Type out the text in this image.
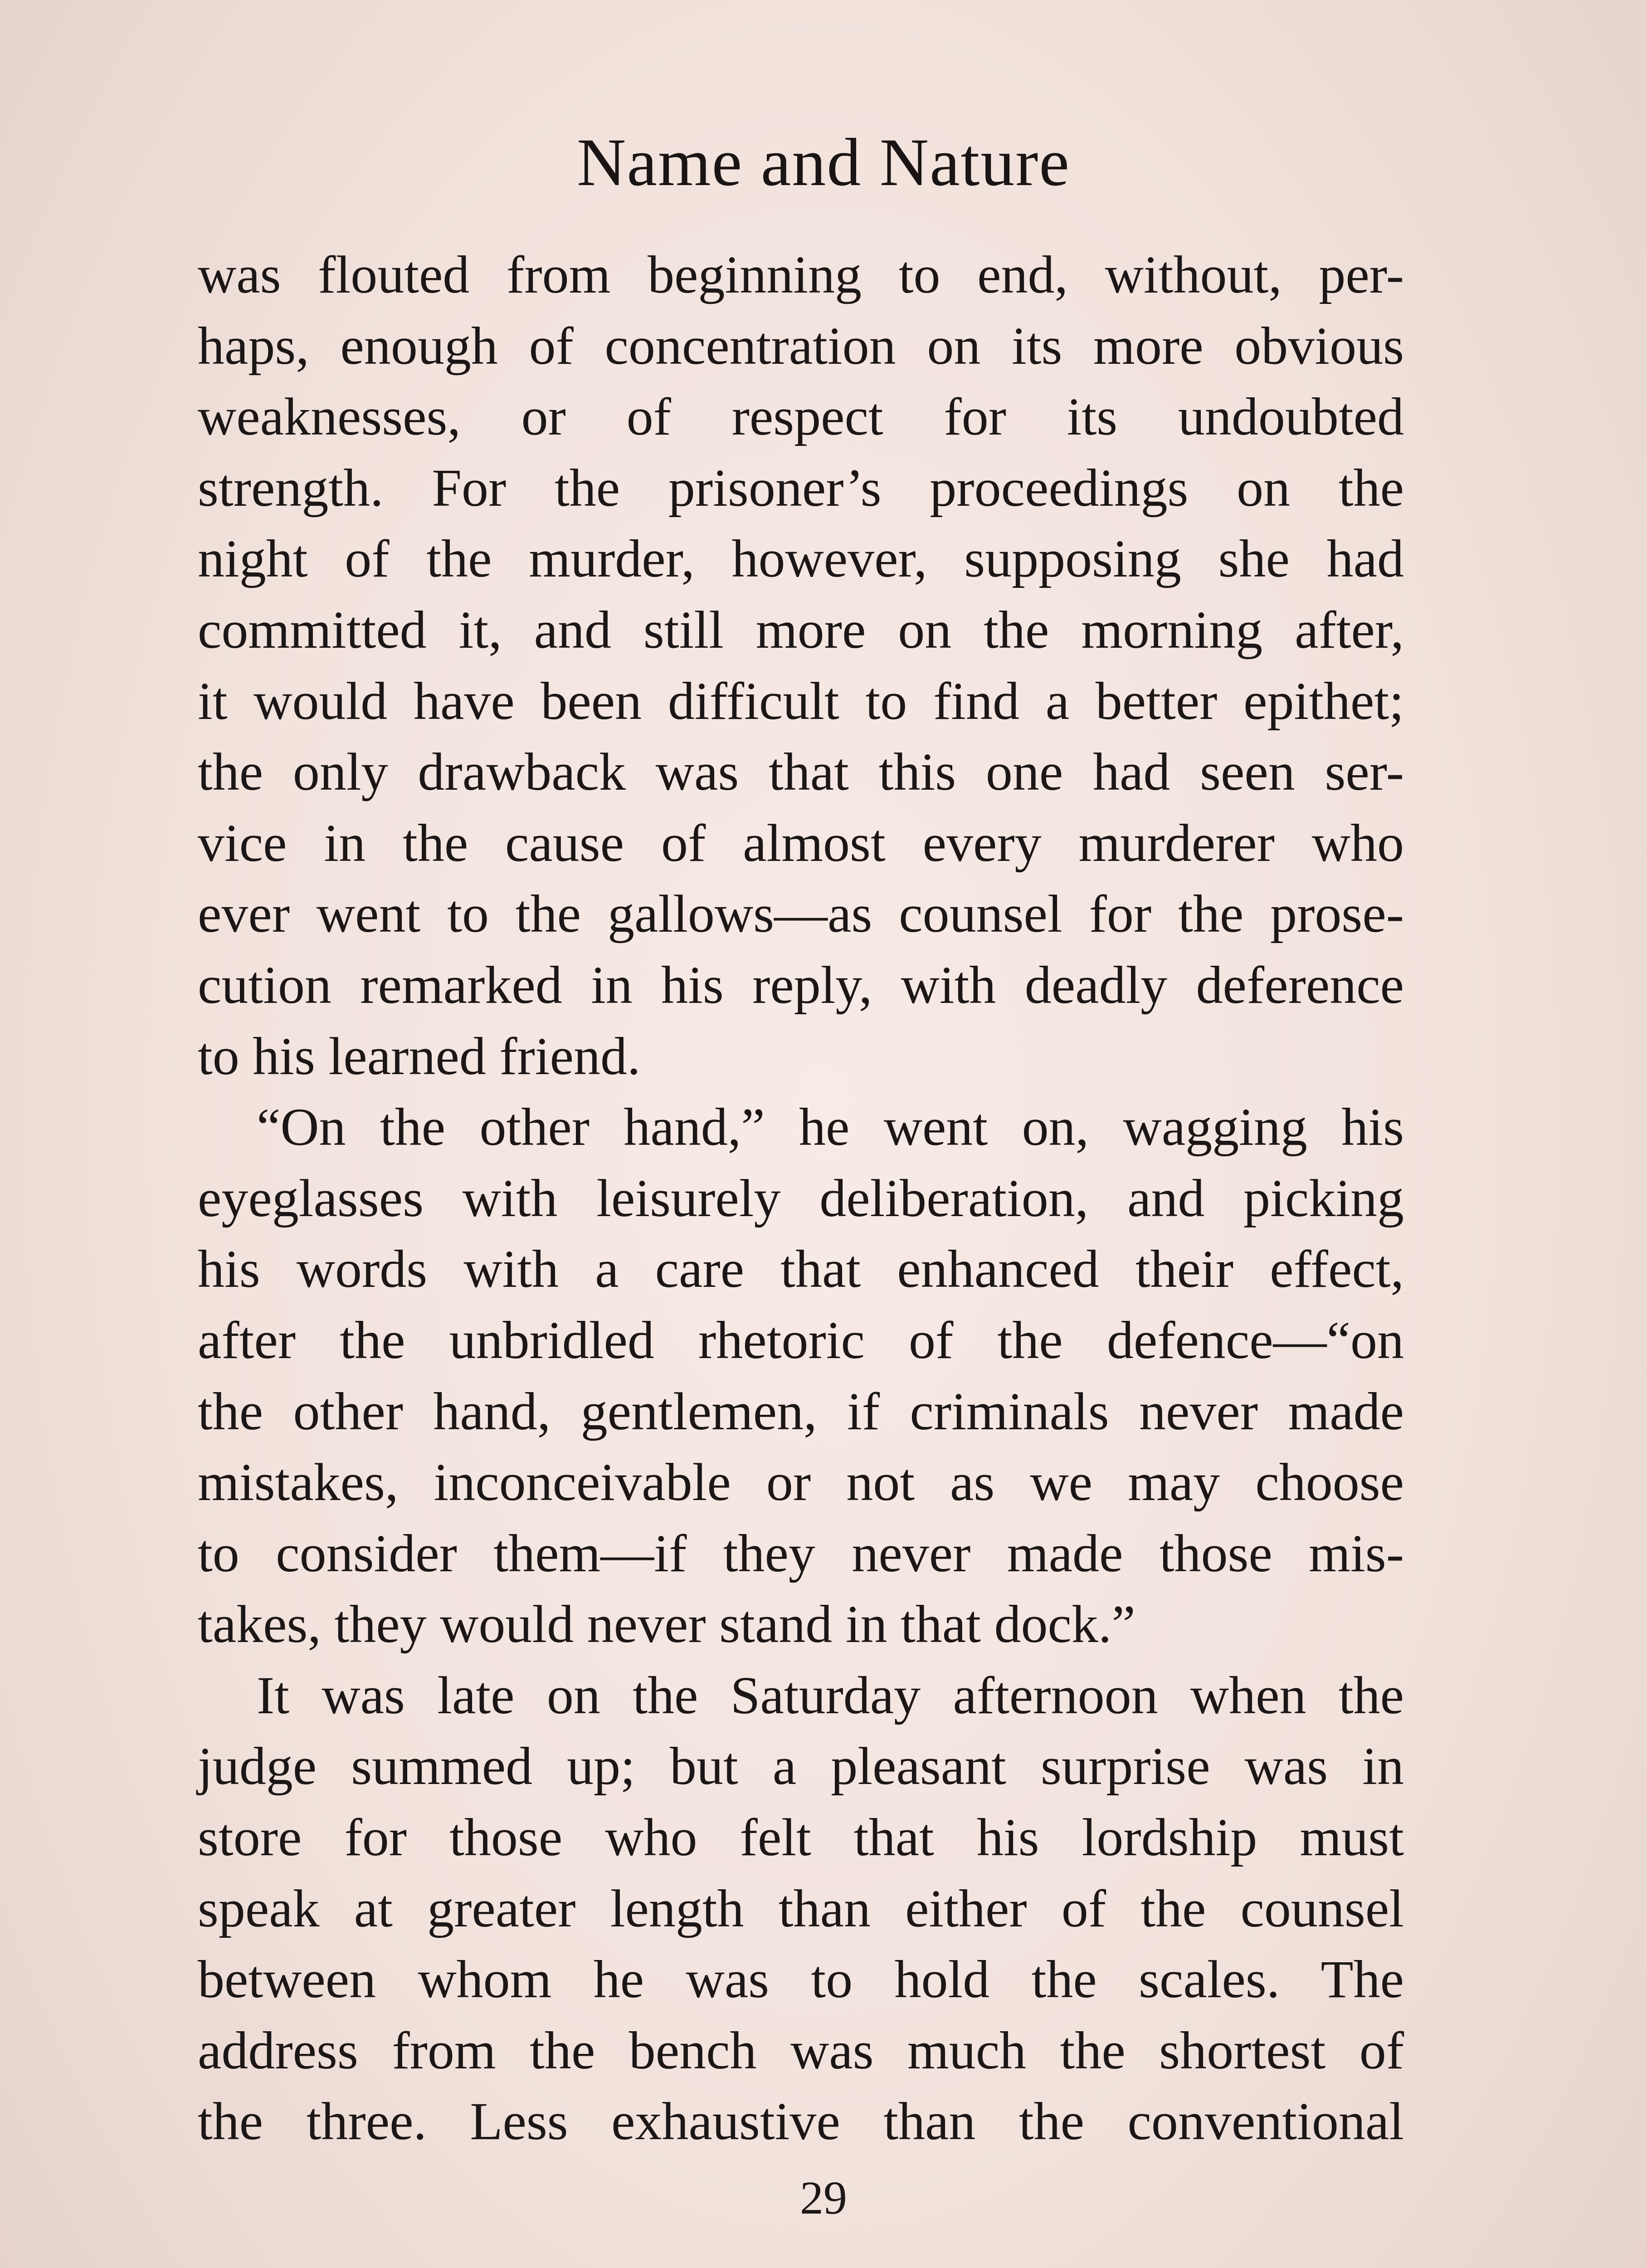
Name and Nature
was flouted from beginning to end, without, per-
haps, enough of concentration on its more obvious
weaknesses, or of respect for its undoubted
strength. For the prisoner’s proceedings on the
night of the murder, however, supposing she had
committed it, and still more on the morning after,
it would have been difficult to find a better epithet;
the only drawback was that this one had seen ser-
vice in the cause of almost every murderer who
ever went to the gallows—as counsel for the prose-
cution remarked in his reply, with deadly deference
to his learned friend.
“On the other hand,” he went on, wagging his
eyeglasses with leisurely deliberation, and picking
his words with a care that enhanced their effect,
after the unbridled rhetoric of the defence—“on
the other hand, gentlemen, if criminals never made
mistakes, inconceivable or not as we may choose
to consider them—if they never made those mis-
takes, they would never stand in that dock.”
It was late on the Saturday afternoon when the
judge summed up; but a pleasant surprise was in
store for those who felt that his lordship must
speak at greater length than either of the counsel
between whom he was to hold the scales. The
address from the bench was much the shortest of
the three. Less exhaustive than the conventional
29
